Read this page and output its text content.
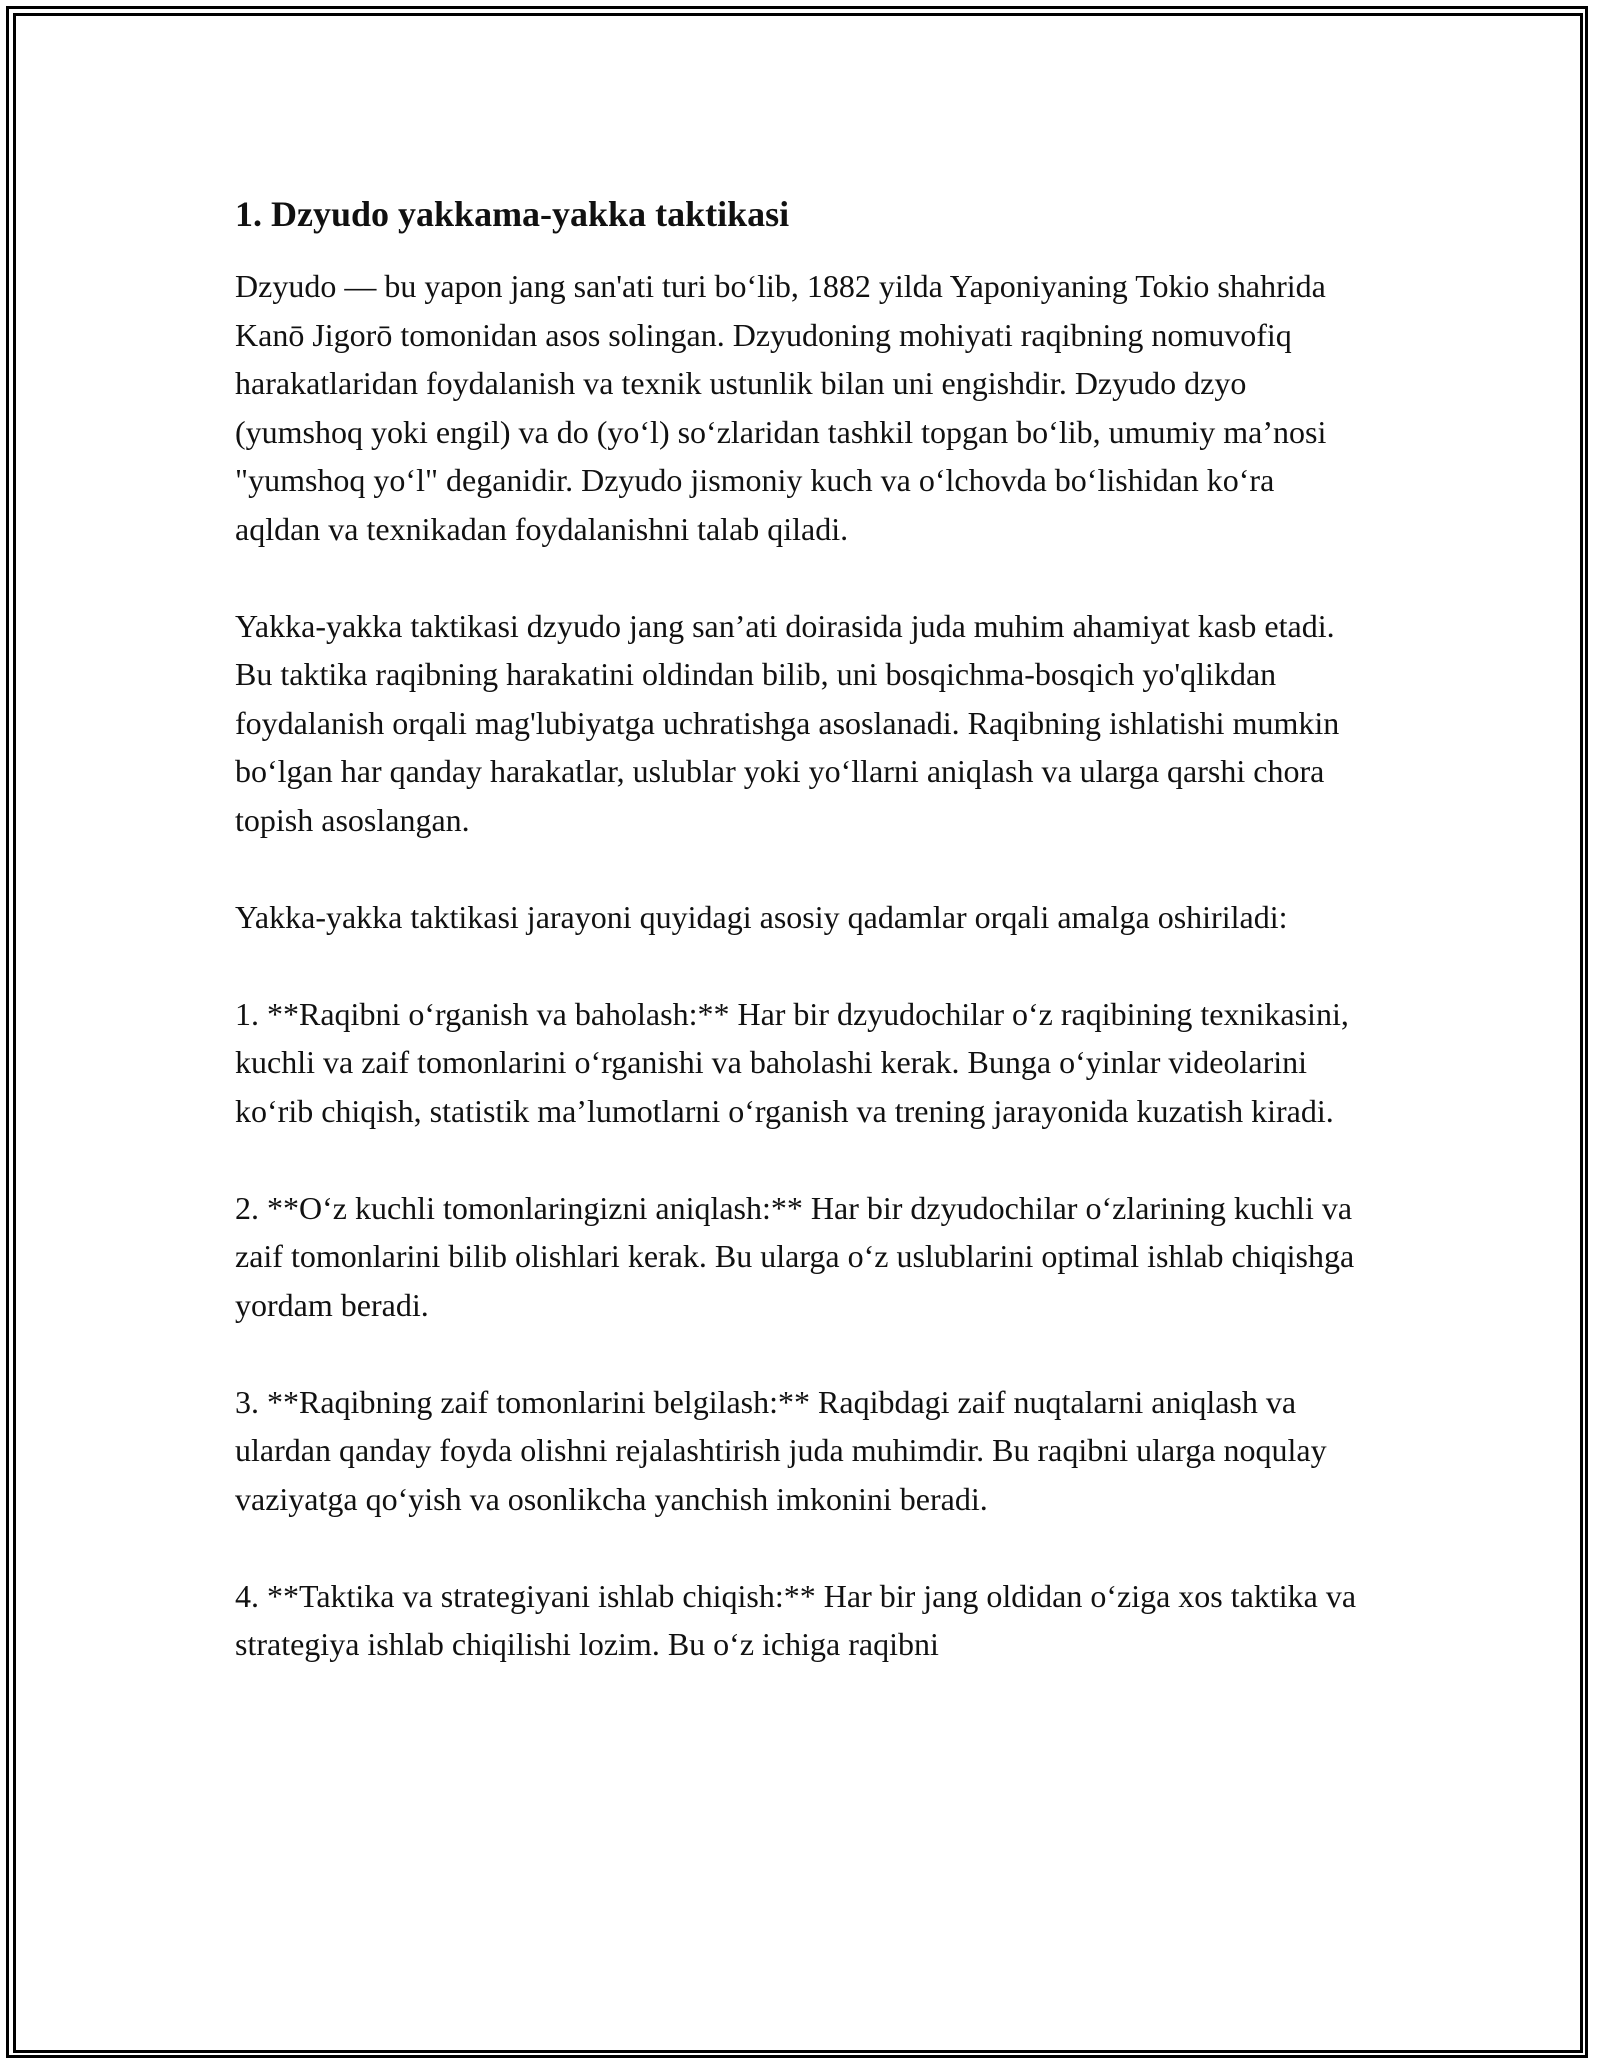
1. Dzyudo yakkama-yakka taktikasi

Dzyudo — bu yapon jang san'ati turi bo‘lib, 1882 yilda Yaponiyaning Tokio shahrida Kanō Jigorō tomonidan asos solingan. Dzyudoning mohiyati raqibning nomuvofiq harakatlaridan foydalanish va texnik ustunlik bilan uni engishdir. Dzyudo dzyo (yumshoq yoki engil) va do (yo‘l) so‘zlaridan tashkil topgan bo‘lib, umumiy ma’nosi "yumshoq yo‘l" deganidir. Dzyudo jismoniy kuch va o‘lchovda bo‘lishidan ko‘ra aqldan va texnikadan foydalanishni talab qiladi.

Yakka-yakka taktikasi dzyudo jang san’ati doirasida juda muhim ahamiyat kasb etadi. Bu taktika raqibning harakatini oldindan bilib, uni bosqichma-bosqich yo'qlikdan foydalanish orqali mag'lubiyatga uchratishga asoslanadi. Raqibning ishlatishi mumkin bo‘lgan har qanday harakatlar, uslublar yoki yo‘llarni aniqlash va ularga qarshi chora topish asoslangan.

Yakka-yakka taktikasi jarayoni quyidagi asosiy qadamlar orqali amalga oshiriladi:

1. **Raqibni o‘rganish va baholash:** Har bir dzyudochilar o‘z raqibining texnikasini, kuchli va zaif tomonlarini o‘rganishi va baholashi kerak. Bunga o‘yinlar videolarini ko‘rib chiqish, statistik ma’lumotlarni o‘rganish va trening jarayonida kuzatish kiradi.

2. **O‘z kuchli tomonlaringizni aniqlash:** Har bir dzyudochilar o‘zlarining kuchli va zaif tomonlarini bilib olishlari kerak. Bu ularga o‘z uslublarini optimal ishlab chiqishga yordam beradi.

3. **Raqibning zaif tomonlarini belgilash:** Raqibdagi zaif nuqtalarni aniqlash va ulardan qanday foyda olishni rejalashtirish juda muhimdir. Bu raqibni ularga noqulay vaziyatga qo‘yish va osonlikcha yanchish imkonini beradi.

4. **Taktika va strategiyani ishlab chiqish:** Har bir jang oldidan o‘ziga xos taktika va strategiya ishlab chiqilishi lozim. Bu o‘z ichiga raqibni
